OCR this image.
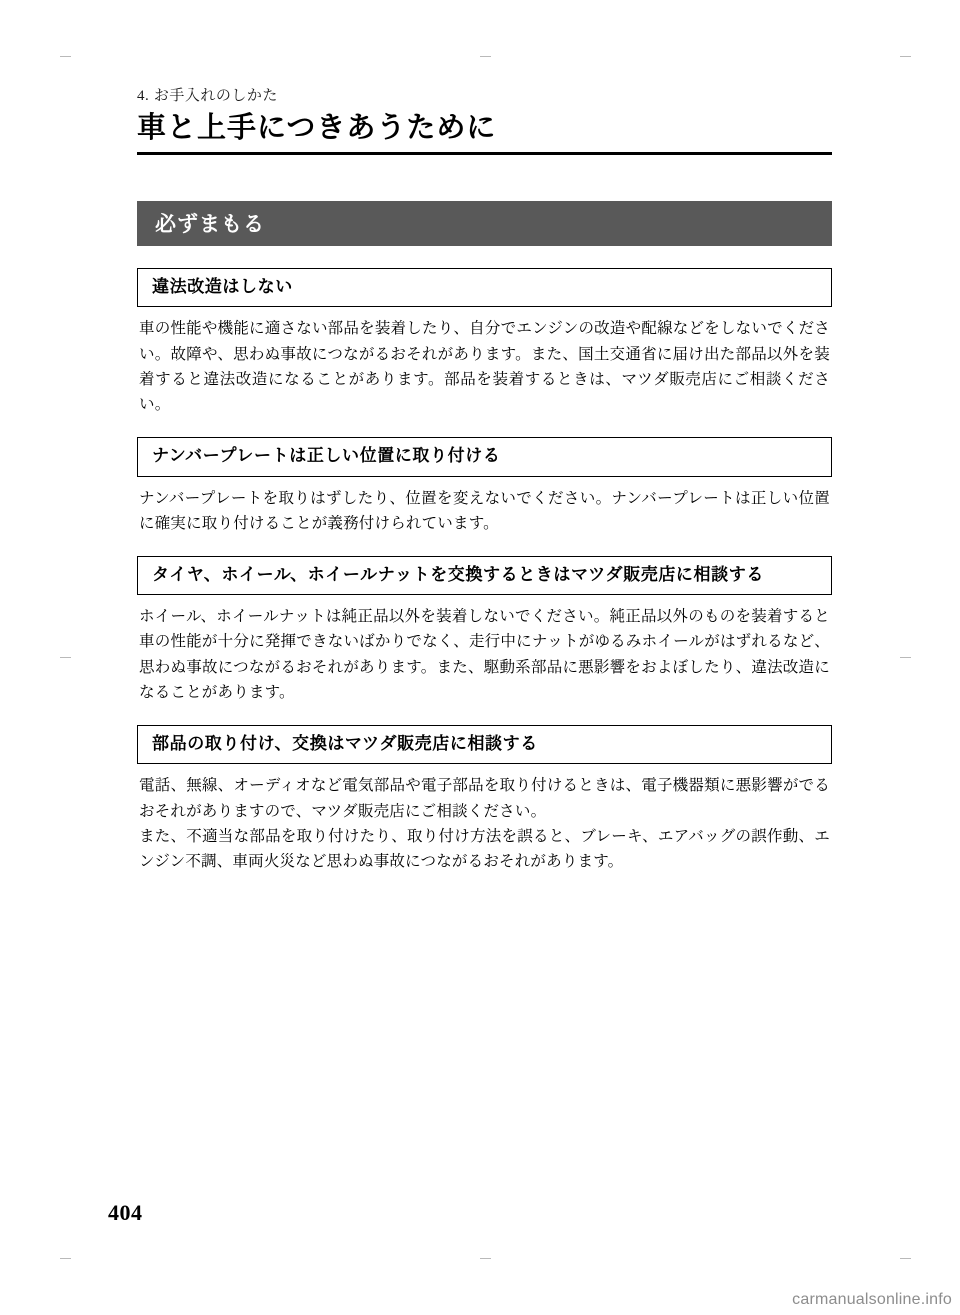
4. お手入れのしかた
車と上手につきあうために
必ずまもる
違法改造はしない

車の性能や機能に適さない部品を装着したり、自分でエンジンの改造や配線などをしないでください。故障や、思わぬ事故につながるおそれがあります。また、国土交通省に届け出た部品以外を装着すると違法改造になることがあります。部品を装着するときは、マツダ販売店にご相談ください。

ナンバープレートは正しい位置に取り付ける

ナンバープレートを取りはずしたり、位置を変えないでください。ナンバープレートは正しい位置に確実に取り付けることが義務付けられています。

タイヤ、ホイール、ホイールナットを交換するときはマツダ販売店に相談する

ホイール、ホイールナットは純正品以外を装着しないでください。純正品以外のものを装着すると車の性能が十分に発揮できないばかりでなく、走行中にナットがゆるみホイールがはずれるなど、思わぬ事故につながるおそれがあります。また、駆動系部品に悪影響をおよぼしたり、違法改造になることがあります。

部品の取り付け、交換はマツダ販売店に相談する

電話、無線、オーディオなど電気部品や電子部品を取り付けるときは、電子機器類に悪影響がでるおそれがありますので、マツダ販売店にご相談ください。

また、不適当な部品を取り付けたり、取り付け方法を誤ると、ブレーキ、エアバッグの誤作動、エンジン不調、車両火災など思わぬ事故につながるおそれがあります。

404
carmanualsonline.info
